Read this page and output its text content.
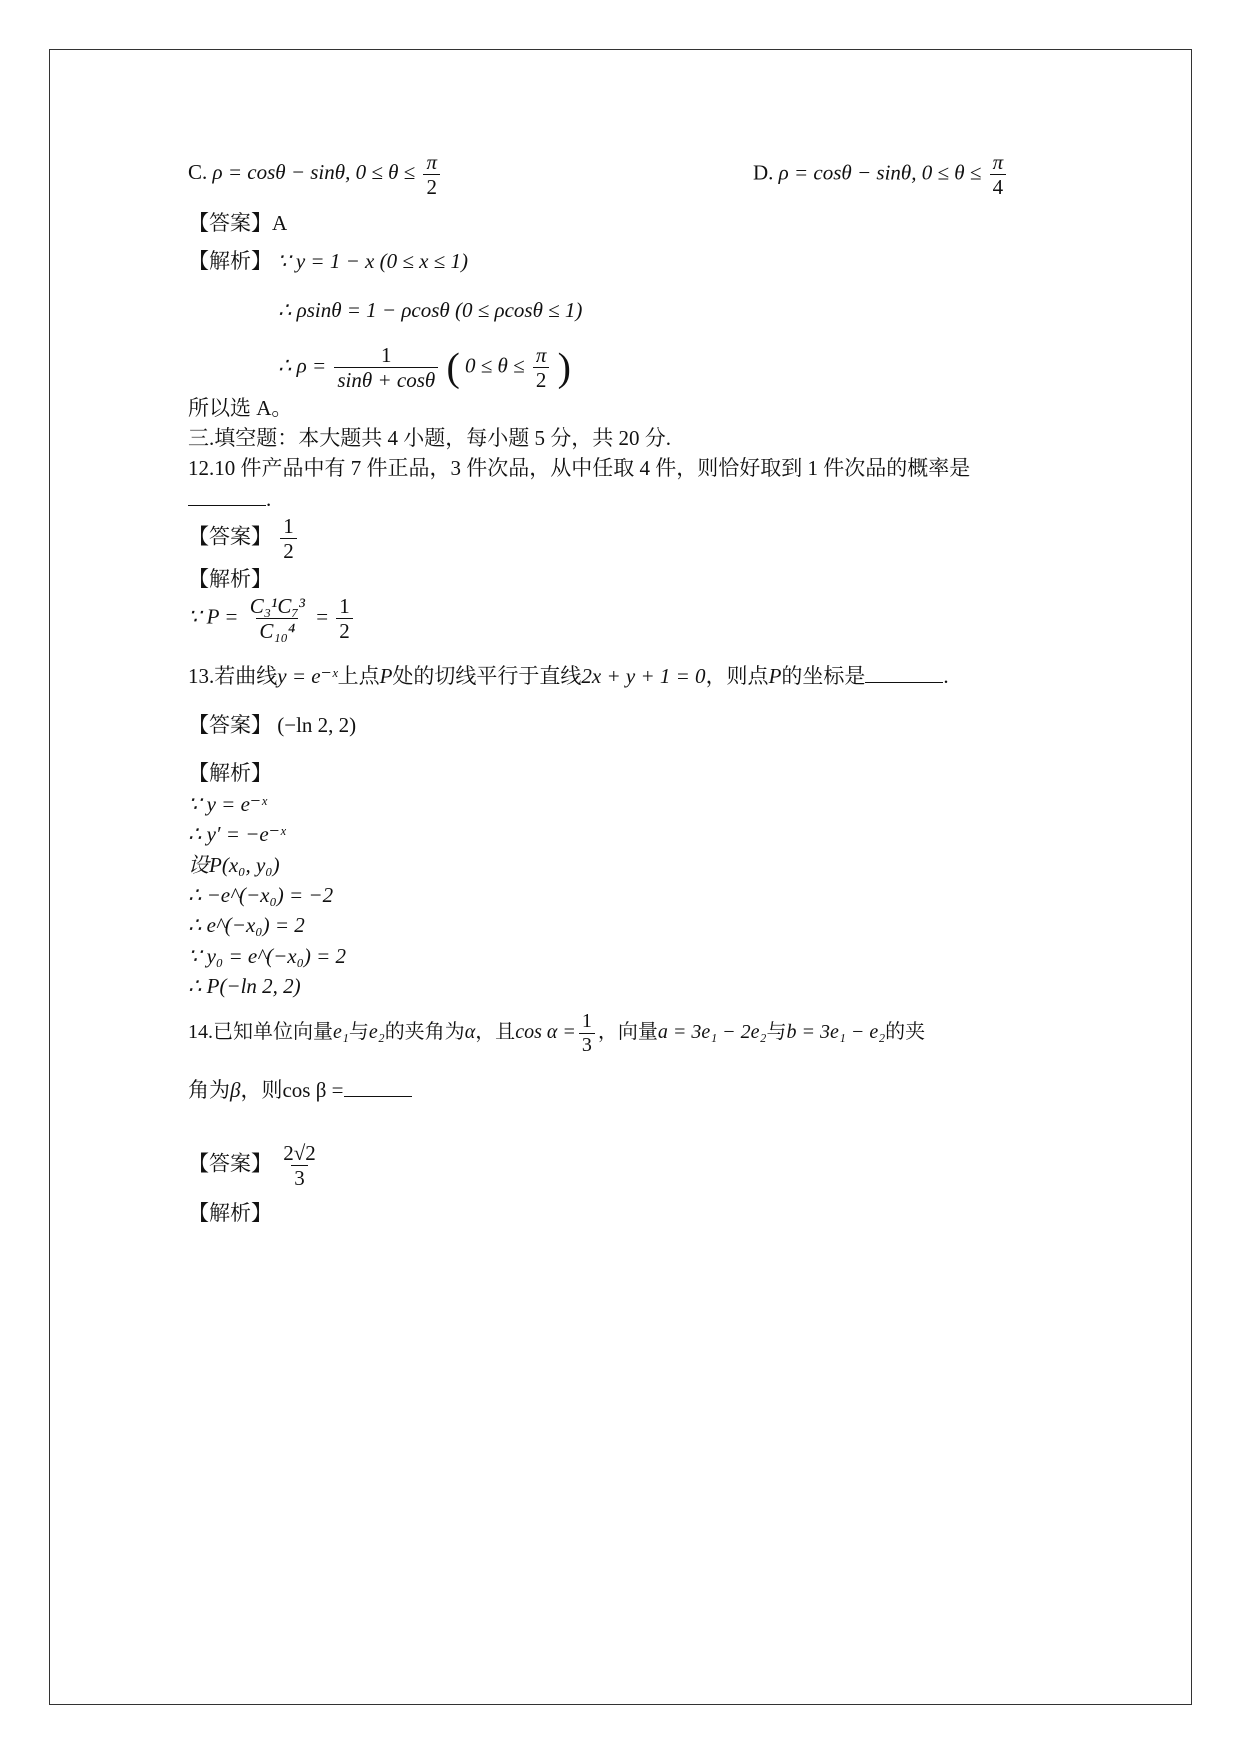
C. ρ = cosθ − sinθ, $0 \le \theta \le \frac{\pi}{2}$	D. ρ = cosθ − sinθ, $0 \le \theta \le \frac{\pi}{4}$
【答案】A
【解析】 ∵ y = 1 − x (0 ≤ x ≤ 1)
∴ ρsinθ = 1 − ρcosθ (0 ≤ ρcosθ ≤ 1)
∴ $\rho = \frac{1}{\sin\theta + \cos\theta}$ ( $0 \le \theta \le \frac{\pi}{2}$ )
所以选 A。
三.填空题：本大题共 4 小题，每小题 5 分，共 20 分.
12.10 件产品中有 7 件正品，3 件次品，从中任取 4 件，则恰好取到 1 件次品的概率是
.
【答案】 $\frac{1}{2}$
【解析】
∵ $P = \frac{\text{C₃¹C₇³}}{\text{C₁₀⁴}} = \frac{1}{2}$
13.若曲线y = e⁻ˣ上点P处的切线平行于直线2x + y + 1 = 0，则点P的坐标是	.
【答案】 (−ln 2, 2)
【解析】
∵ y = e⁻ˣ
∴ y′ = −e⁻ˣ
设P(x₀, y₀)
∴ −e^(−x₀) = −2
∴ e^(−x₀) = 2
∵ y₀ = e^(−x₀) = 2
∴ P(−ln 2, 2)
14.已知单位向量e₁与e₂的夹角为α，且$\cos \alpha = \frac{1}{3}$ ，向量a = 3e₁ − 2e₂与b = 3e₁ − e₂的夹
角为β，则cos β =
【答案】 $\frac{2√2}{3}$
【解析】
